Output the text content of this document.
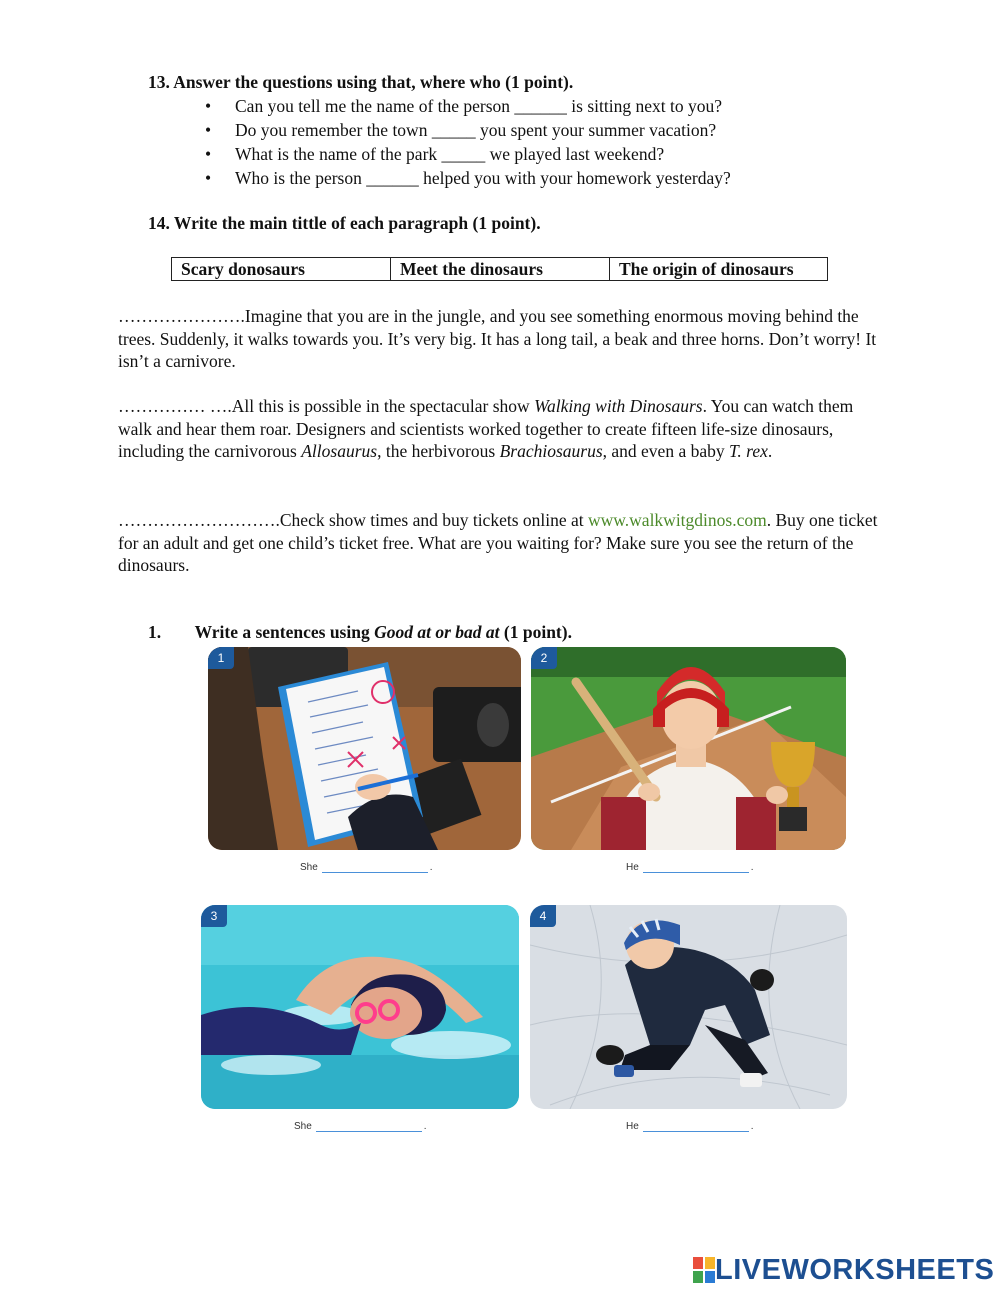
13. Answer the questions using that, where who (1 point).
• Can you tell me the name of the person ______ is sitting next to you?
• Do you remember the town _____ you spent your summer vacation?
• What is the name of the park _____ we played last weekend?
• Who is the person ______ helped you with your homework yesterday?
14. Write the main tittle of each paragraph (1 point).
Scary donosaurs	Meet the dinosaurs	The origin of dinosaurs
………………….Imagine that you are in the jungle, and you see something enormous moving behind the trees. Suddenly, it walks towards you. It’s very big. It has a long tail, a beak and three horns. Don’t worry! It isn’t a carnivore.
…………… ….All this is possible in the spectacular show Walking with Dinosaurs. You can watch them walk and hear them roar. Designers and scientists worked together to create fifteen life-size dinosaurs, including the carnivorous Allosaurus, the herbivorous Brachiosaurus, and even a baby T. rex.
……………………….Check show times and buy tickets online at www.walkwitgdinos.com. Buy one ticket for an adult and get one child’s ticket free. What are you waiting for? Make sure you see the return of the dinosaurs.
1. Write a sentences using Good at or bad at (1 point).
1
She	.
2
He	.
3
She	.
4
He	.
LIVEWORKSHEETS
